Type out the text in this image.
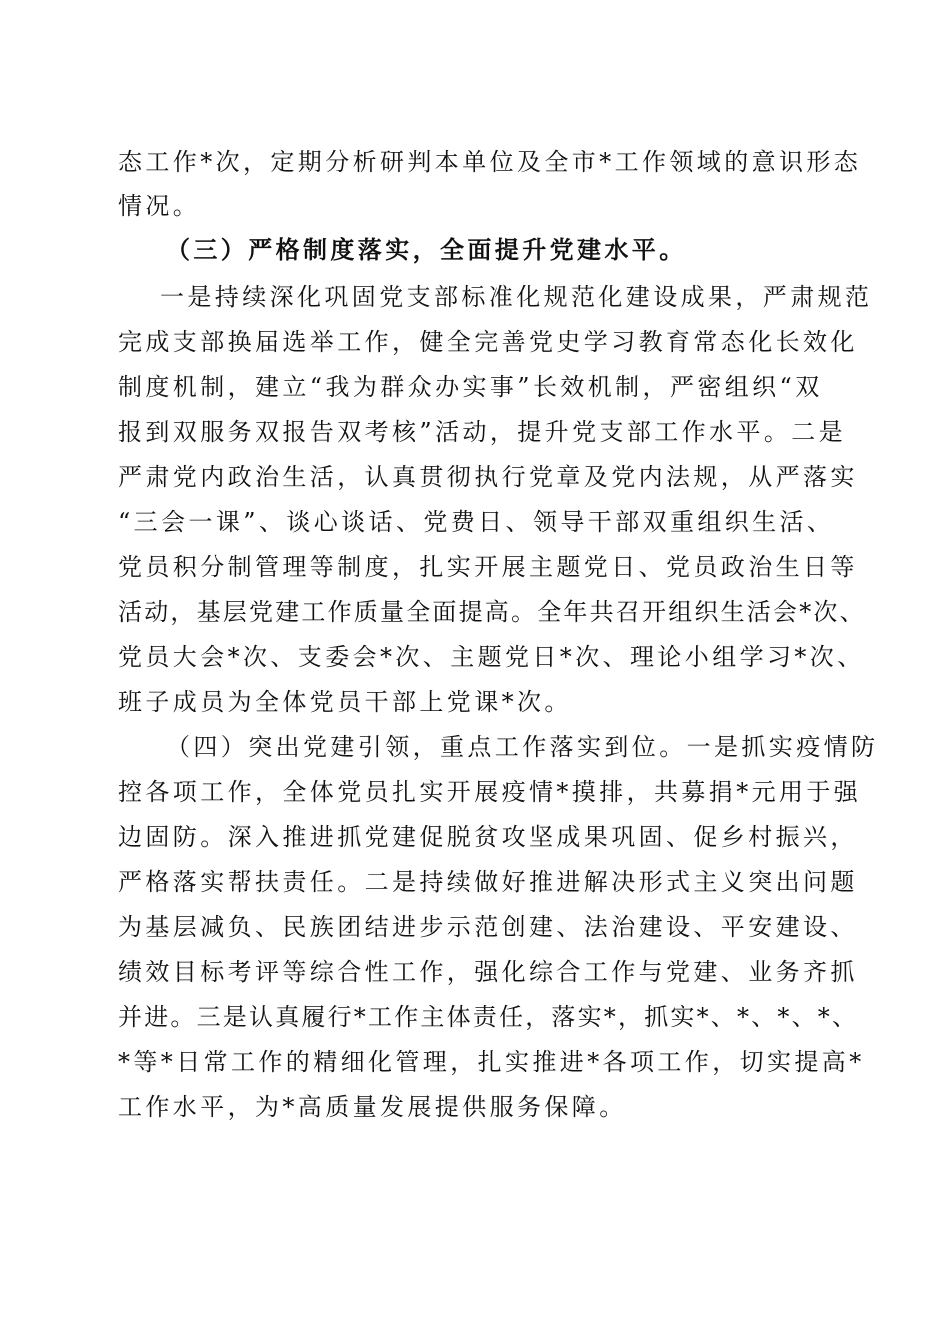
态工作*次，定期分析研判本单位及全市*工作领域的意识形态
情况。
（三）严格制度落实，全面提升党建水平。
一是持续深化巩固党支部标准化规范化建设成果，严肃规范
完成支部换届选举工作，健全完善党史学习教育常态化长效化
制度机制，建立“我为群众办实事”长效机制，严密组织“双
报到双服务双报告双考核”活动，提升党支部工作水平。二是
严肃党内政治生活，认真贯彻执行党章及党内法规，从严落实
“三会一课”、谈心谈话、党费日、领导干部双重组织生活、
党员积分制管理等制度，扎实开展主题党日、党员政治生日等
活动，基层党建工作质量全面提高。全年共召开组织生活会*次、
党员大会*次、支委会*次、主题党日*次、理论小组学习*次、
班子成员为全体党员干部上党课*次。
（四）突出党建引领，重点工作落实到位。一是抓实疫情防
控各项工作，全体党员扎实开展疫情*摸排，共募捐*元用于强
边固防。深入推进抓党建促脱贫攻坚成果巩固、促乡村振兴，
严格落实帮扶责任。二是持续做好推进解决形式主义突出问题
为基层减负、民族团结进步示范创建、法治建设、平安建设、
绩效目标考评等综合性工作，强化综合工作与党建、业务齐抓
并进。三是认真履行*工作主体责任，落实*，抓实*、*、*、*、
*等*日常工作的精细化管理，扎实推进*各项工作，切实提高*
工作水平，为*高质量发展提供服务保障。
